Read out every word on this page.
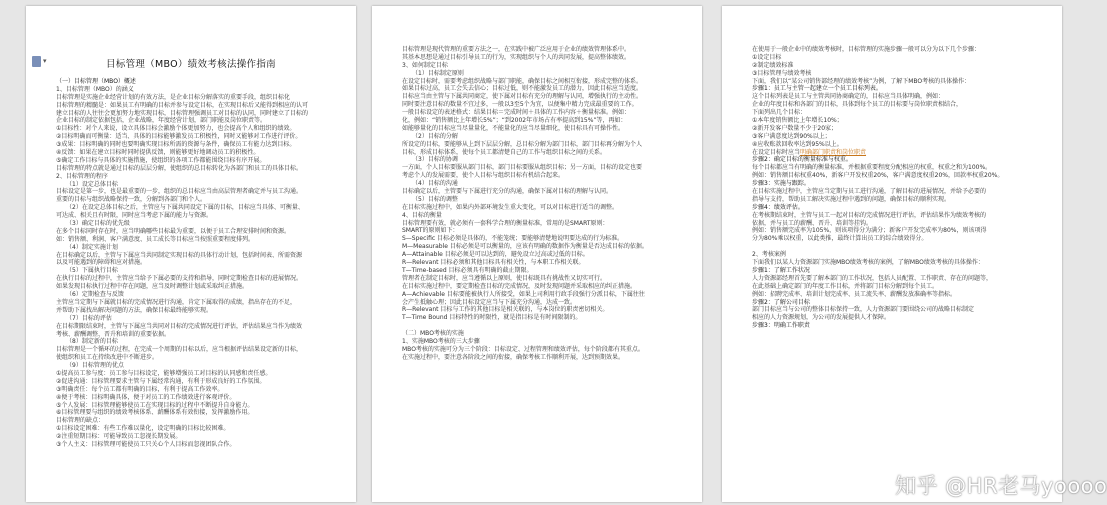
▾	目标管理（MBO）绩效考核法操作指南
（一）目标管理（MBO）概述
1、目标管理（MBO）的涵义
目标管理是实施企业经营计划的有效方法，是企业目标分解落实的重要手段，组织目标化
目标管理的精髓是：如果员工有明确的目标并参与设定目标，在实现目标后又能得到相应的认可
建立目标的人往往会更加努力地实现目标，目标管理强调员工对目标的认同，同时建立了目标的
企业目标的制定依据包括，企业战略，年度经营计划，部门职能及岗位职责等。
①目标性：对个人来说，设立具体目标会激励个体更加努力，也会提高个人和组织的绩效。
②目标明确而可衡量：适当、具体的目标能够激发员工积极性，同时又能够对工作进行评价。
③成果：目标明确的同时也要明确实现目标所需的资源与条件，确保员工有能力达到目标。
④反馈：如果在建立目标时同时提供反馈，则能够更好地调动员工的积极性。
⑤确定工作目标与具体的实施措施，使组织的各项工作都能围绕目标有序开展。
目标管理的特点就是通过目标的层层分解，使组织的总目标转化为各部门和员工的具体目标。
2、目标管理的程序
（1）设定总体目标
目标设定是第一步，也是最重要的一步，组织的总目标应当由高层管理者确定并与员工沟通。
重要的目标与组织战略保持一致，分解到各部门和个人。
（2）在设定总体目标之后，主管应与下属共同设定下属的目标，目标应当具体、可衡量、
可达成、相关且有时限，同时应当考虑下属的能力与资源。
（3）确定目标的优先级
在多个目标同时存在时，应当明确哪些目标最为重要，以便于员工合理安排时间和资源。
如：销售额、利润、客户满意度、员工成长等目标应当按照重要程度排列。
（4）制定实施计划
在目标确定以后，主管与下属应当共同制定实现目标的具体行动计划，包括时间表、所需资源
以及可能遇到的障碍和应对措施。
（5）下属执行目标
在执行目标的过程中，主管应当给予下属必要的支持和指导，同时定期检查目标的进展情况。
如果发现目标执行过程中存在问题，应当及时调整计划或采取纠正措施。
（6）定期检查与反馈
主管应当定期与下属就目标的完成情况进行沟通，肯定下属取得的成绩，指出存在的不足，
并帮助下属找出解决问题的方法，确保目标最终能够实现。
（7）目标的评估
在目标期限结束时，主管与下属应当共同对目标的完成情况进行评估，评估结果应当作为绩效
考核、薪酬调整、晋升和培训的重要依据。
（8）制定新的目标
目标管理是一个循环的过程，在完成一个周期的目标以后，应当根据评估结果设定新的目标，
使组织和员工在持续改进中不断进步。
（9）目标管理的优点
①提高员工参与度：员工参与目标设定，能够增强员工对目标的认同感和责任感。
②促进沟通：目标管理要求主管与下属经常沟通，有利于形成良好的工作氛围。
③明确责任：每个员工都有明确的目标，有利于提高工作效率。
④便于考核：目标明确具体，便于对员工的工作绩效进行客观评价。
⑤个人发展：目标管理能够使员工在实现目标的过程中不断提升自身能力。
⑥目标管理要与组织的绩效考核体系、薪酬体系有效衔接，发挥激励作用。
目标管理的缺点：
①目标设定困难：有些工作难以量化，设定明确的目标比较困难。
②注重短期目标：可能导致员工忽视长期发展。
③个人主义：目标管理可能使员工只关心个人目标而忽视团队合作。
目标管理是现代管理的重要方法之一，在实践中被广泛应用于企业的绩效管理体系中。
其基本思想是通过目标引导员工的行为，实现组织与个人的共同发展，提高整体绩效。
3、如何制定目标
（1）目标制定原则
在设定目标时，需要考虑组织战略与部门职能，确保目标之间相互衔接，形成完整的体系。
如果目标过高，员工会失去信心；目标过低，则不能激发员工的潜力，因此目标应当适度。
目标应当由主管与下属共同商定，使下属对目标有充分的理解与认同，增强执行的主动性。
同时要注意目标的数量不宜过多，一般以3至5个为宜，以便集中精力完成最重要的工作。
一般目标设定的表述格式：结果目标＝完成时间＋具体的工作内容＋衡量标准。例如：
化，例如：“销售额比上年增长5%”；“到2002年市场占有率提高到15%”等，再如：
如能够量化的目标应当尽量量化，不能量化的应当尽量细化，使目标具有可操作性。
（2）目标的分解
所设定的目标，要能够从上到下层层分解，总目标分解为部门目标，部门目标再分解为个人
目标，形成目标体系，使每个员工都清楚自己的工作与组织目标之间的关系。
（3）目标的协调
一方面，个人目标要服从部门目标，部门目标要服从组织目标；另一方面，目标的设定也要
考虑个人的发展需要，使个人目标与组织目标有机结合起来。
（4）目标的沟通
目标确定以后，主管要与下属进行充分的沟通，确保下属对目标的理解与认同。
（5）目标的调整
在目标实施过程中，如果内外部环境发生重大变化，可以对目标进行适当的调整。
4、目标的衡量
目标管理要有效，就必须有一套科学合理的衡量标准，常用的是SMART原则：
SMART的原则如下：
S—Specific 目标必须是具体的，不能笼统；要能够清楚地说明要达成的行为标准。
M—Measurable 目标必须是可以衡量的，应该有明确的数据作为衡量是否达成目标的依据。
A—Attainable 目标必须是可以达到的，避免设立过高或过低的目标。
R—Relevant 目标必须和其他目标具有相关性，与本职工作相关联。
T—Time-based 目标必须具有明确的截止期限。
管理者在制定目标时，应当遵循以上原则，使目标既具有挑战性又切实可行。
在目标实施过程中，要定期检查目标的完成情况，及时发现问题并采取相应的纠正措施。
A—Achievable 目标要能被执行人所接受，如果上司利用行政手段强行分派目标，下属往往
会产生抵触心理；因此目标设定应当与下属充分沟通，达成一致。
R—Relevant 目标与工作的其他目标是相关联的，与本岗位的职责密切相关。
T—Time Bound 目标特性的时限性，就是指目标是有时间限制的。
（二）MBO考核的实施
1、实施MBO考核的三大步骤
MBO考核的实施可分为三个阶段：目标设定、过程管理和绩效评估，每个阶段都有其重点。
在实施过程中，要注意各阶段之间的衔接，确保考核工作顺利开展，达到预期效果。
在使用于一般企业中的绩效考核时，目标管理的实施步骤一般可以分为以下几个步骤：
①设定目标
②制定绩效标准
③目标管理与绩效考核
下面，我们以“某公司销售部经理的绩效考核”为例，了解下MBO考核的具体操作：
步骤1：员工与主管一起建立一个员工目标列表。
这个目标列表是员工与主管共同协商确定的，目标应当具体明确，例如：
企业的年度目标和各部门的目标，具体到每个员工的目标要与岗位职责相结合，
下面列出几个目标：
①本年度销售额比上年增长10%；
②新开发客户数量不少于20家；
③客户满意度达到90%以上；
④应收账款回收率达到95%以上。
在设定目标时应当明确部门职责和岗位职责
步骤2：确定目标的衡量标准与权重。
每个目标都应当有明确的衡量标准，并根据重要程度分配相应的权重，权重之和为100%。
例如：销售额目标权重40%，新客户开发权重20%，客户满意度权重20%，回款率权重20%。
步骤3：实施与跟踪。
在目标实施过程中，主管应当定期与员工进行沟通，了解目标的进展情况，并给予必要的
指导与支持，帮助员工解决实施过程中遇到的问题，确保目标的顺利实现。
步骤4：绩效评估。
在考核期结束时，主管与员工一起对目标的完成情况进行评估，评估结果作为绩效考核的
依据，并与员工的薪酬、晋升、培训等挂钩。
例如：销售额完成率为105%，则该项得分为满分；新客户开发完成率为80%，则该项得
分为80%乘以权重，以此类推，最终计算出员工的综合绩效得分。
2、考核案例
下面我们以某人力资源部门实施MBO绩效考核的案例，了解MBO绩效考核的具体操作：
步骤1：了解工作状况
人力资源部经理首先要了解本部门的工作状况，包括人员配置、工作职责、存在的问题等，
在此基础上确定部门的年度工作目标，并将部门目标分解到每个员工。
例如：招聘完成率、培训计划完成率、员工流失率、薪酬发放准确率等指标。
步骤2：了解公司目标
部门目标应当与公司的整体目标保持一致，人力资源部门要围绕公司的战略目标制定
相应的人力资源规划，为公司的发展提供人才保障。
步骤3：明确工作职责
知乎 @HR老马yoooo
